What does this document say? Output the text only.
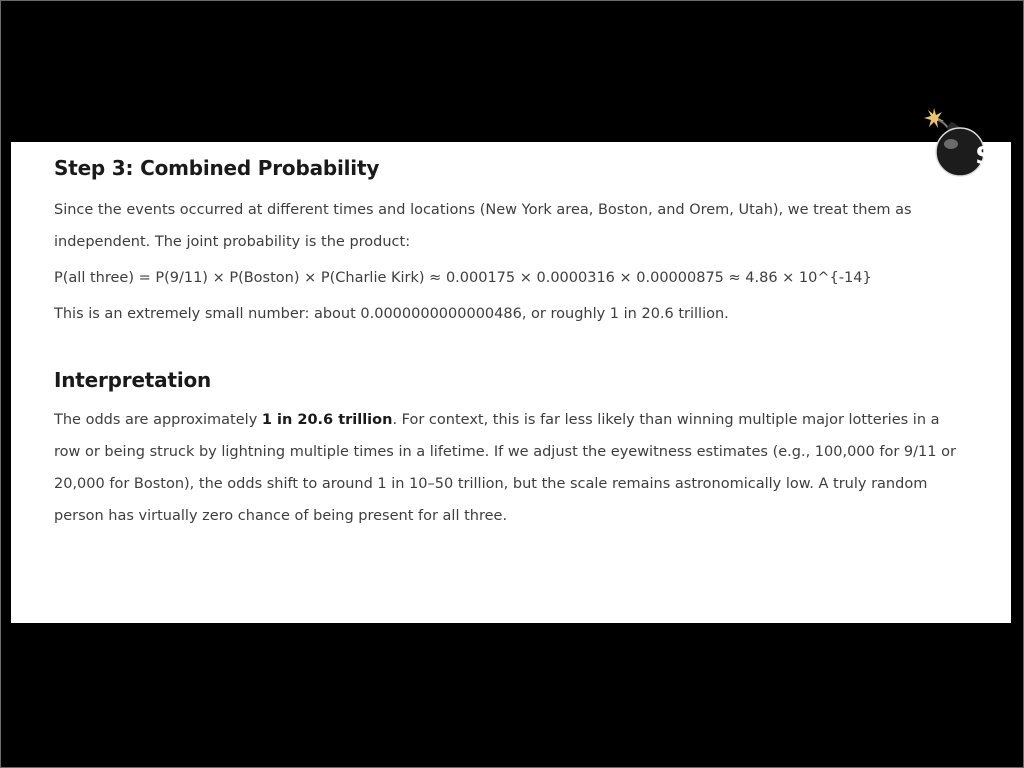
Step 3: Combined Probability

Since the events occurred at different times and locations (New York area, Boston, and Orem, Utah), we treat them as independent. The joint probability is the product:

P(all three) = P(9/11) × P(Boston) × P(Charlie Kirk) ≈ 0.000175 × 0.0000316 × 0.00000875 ≈ 4.86 × 10^{-14}

This is an extremely small number: about 0.0000000000000486, or roughly 1 in 20.6 trillion.

Interpretation

The odds are approximately 1 in 20.6 trillion. For context, this is far less likely than winning multiple major lotteries in a row or being struck by lightning multiple times in a lifetime. If we adjust the eyewitness estimates (e.g., 100,000 for 9/11 or 20,000 for Boston), the odds shift to around 1 in 10–50 trillion, but the scale remains astronomically low. A truly random person has virtually zero chance of being present for all three.

$
